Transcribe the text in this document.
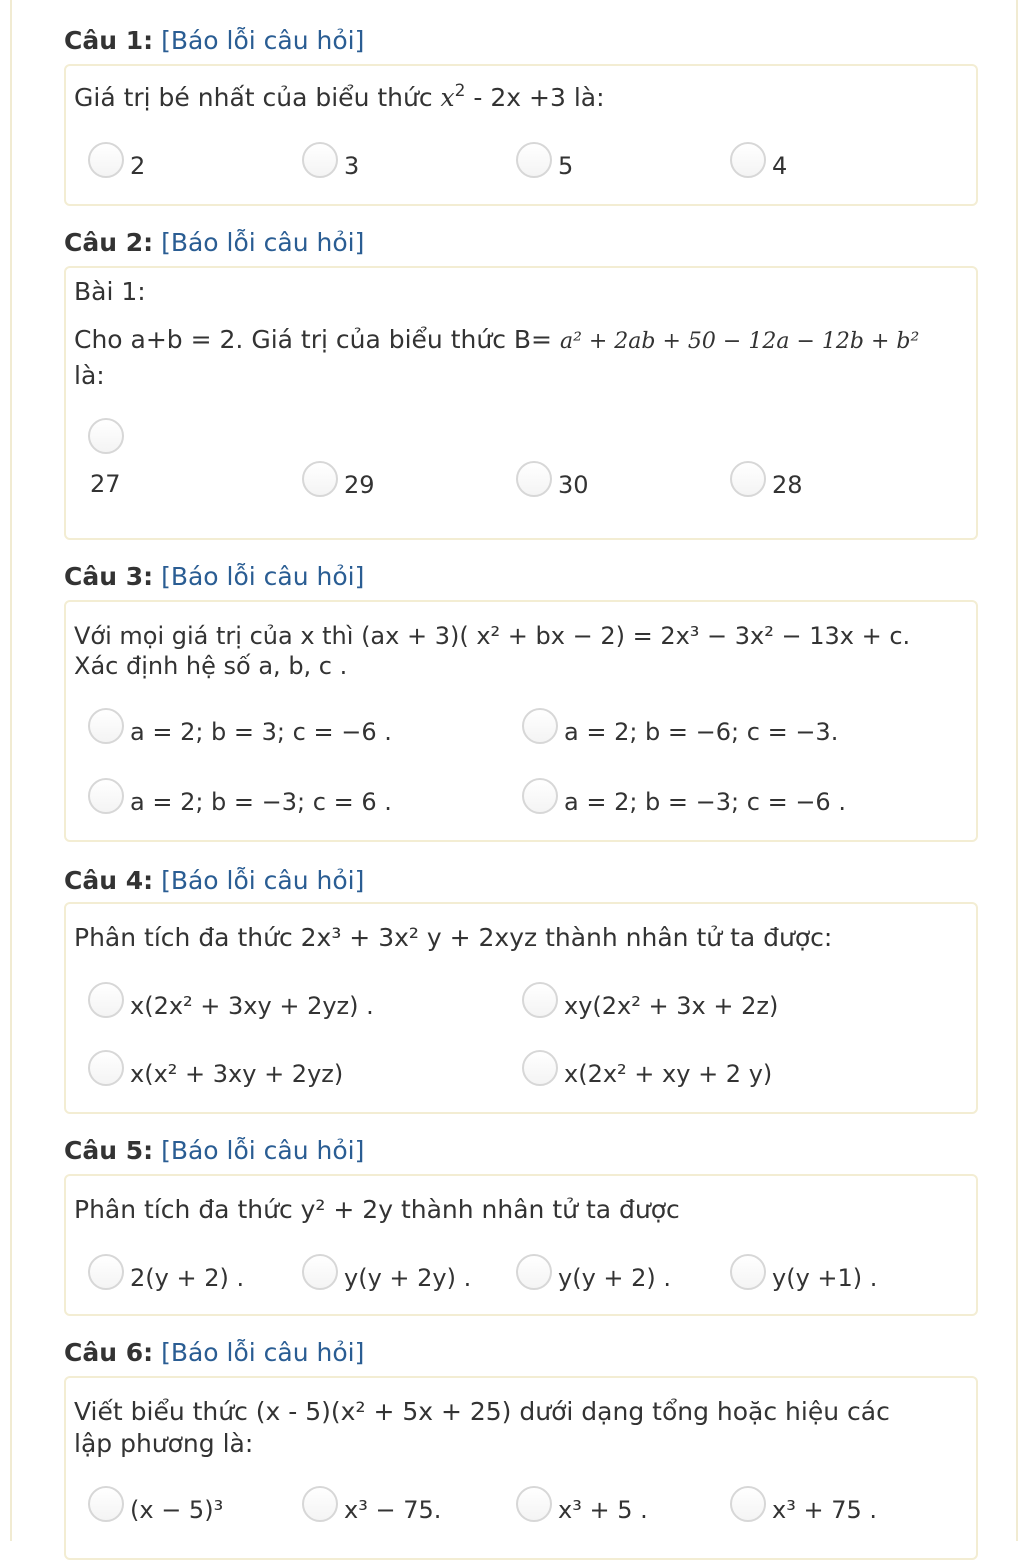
Câu 1: [Báo lỗi câu hỏi]
Giá trị bé nhất của biểu thức $x^2 - 2x +3$ là:
2	3	5	4
Câu 2: [Báo lỗi câu hỏi]
Bài 1:
Cho a+b = 2. Giá trị của biểu thức B= a² + 2ab + 50 − 12a − 12b + b²
là:
27	29	30	28
Câu 3: [Báo lỗi câu hỏi]
Với mọi giá trị của x thì (ax + 3)( x² + bx − 2) = 2x³ − 3x² − 13x + c.
Xác định hệ số a, b, c .
a = 2; b = 3; c = −6 .	a = 2; b = −6; c = −3.
a = 2; b = −3; c = 6 .	a = 2; b = −3; c = −6 .
Câu 4: [Báo lỗi câu hỏi]
Phân tích đa thức 2x³ + 3x² y + 2xyz thành nhân tử ta được:
x(2x² + 3xy + 2yz) .	xy(2x² + 3x + 2z)
x(x² + 3xy + 2yz)	x(2x² + xy + 2 y)
Câu 5: [Báo lỗi câu hỏi]
Phân tích đa thức y² + 2y thành nhân tử ta được
2(y + 2) .	y(y + 2y) .	y(y + 2) .	y(y +1) .
Câu 6: [Báo lỗi câu hỏi]
Viết biểu thức (x - 5)(x² + 5x + 25) dưới dạng tổng hoặc hiệu các
lập phương là:
(x − 5)³	x³ − 75.	x³ + 5 .	x³ + 75 .
